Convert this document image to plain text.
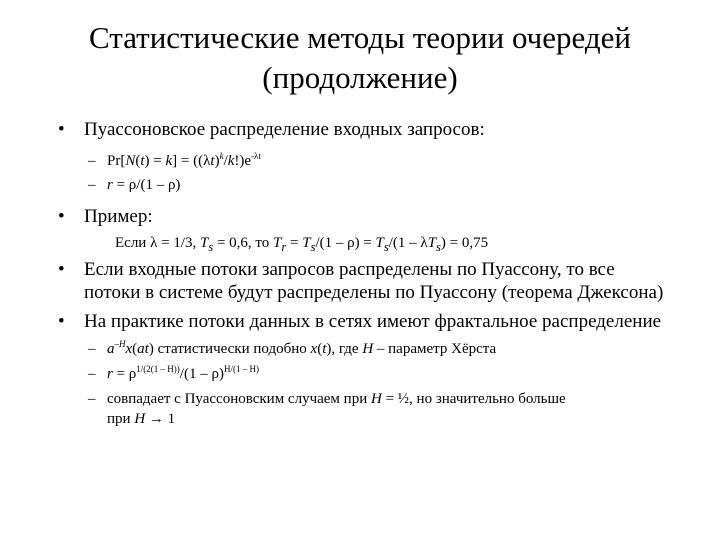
Статистические методы теории очередей
(продолжение)
• Пуассоновское распределение входных запросов:
– $Pr[N(t) = k] = ((\lambda t)^k/k!)e^{-\lambda t}$
– r = ρ/(1 – ρ)
• Пример:
Если λ = 1/3, $T_s = 0,6$, то $T_r = T_s/(1 - \rho) = T_s/(1 - \lambda T_s) = 0,75$
• Если входные потоки запросов распределены по Пуассону, то все
потоки в системе будут распределены по Пуассону (теорема Джексона)
• На практике потоки данных в сетях имеют фрактальное распределение
– $a^{-H}x(at)$ статистически подобно x(t), где H – параметр Хёрста
– $r = \rho^{1/(2(1 - H))}/(1 - \rho)^{H/(1 - H)}$
– совпадает с Пуассоновским случаем при H = ½, но значительно больше
при H → 1
